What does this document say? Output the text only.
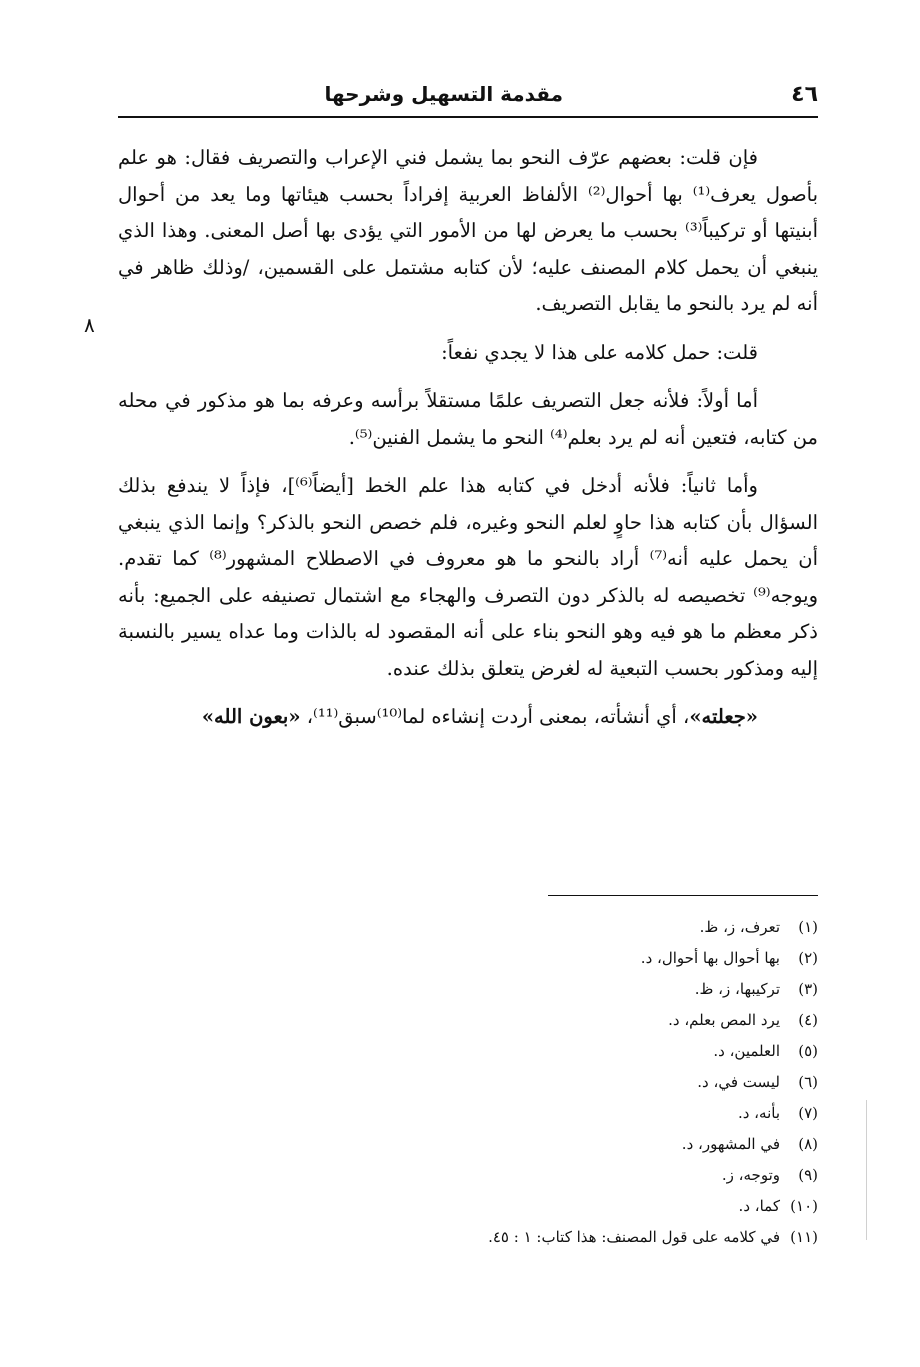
٤٦
مقدمة التسهيل وشرحها
٨

فإن قلت: بعضهم عرّف النحو بما يشمل فني الإعراب والتصريف فقال: هو علم بأصول يعرف⁽¹⁾ بها أحوال⁽²⁾ الألفاظ العربية إفراداً بحسب هيئاتها وما يعد من أحوال أبنيتها أو تركيباً⁽³⁾ بحسب ما يعرض لها من الأمور التي يؤدى بها أصل المعنى. وهذا الذي ينبغي أن يحمل كلام المصنف عليه؛ لأن كتابه مشتمل على القسمين، /وذلك ظاهر في أنه لم يرد بالنحو ما يقابل التصريف.

قلت: حمل كلامه على هذا لا يجدي نفعاً:

أما أولاً: فلأنه جعل التصريف علمًا مستقلاً برأسه وعرفه بما هو مذكور في محله من كتابه، فتعين أنه لم يرد بعلم⁽⁴⁾ النحو ما يشمل الفنين⁽⁵⁾.

وأما ثانياً: فلأنه أدخل في كتابه هذا علم الخط [أيضاً⁽⁶⁾]، فإذاً لا يندفع بذلك السؤال بأن كتابه هذا حاوٍ لعلم النحو وغيره، فلم خصص النحو بالذكر؟ وإنما الذي ينبغي أن يحمل عليه أنه⁽⁷⁾ أراد بالنحو ما هو معروف في الاصطلاح المشهور⁽⁸⁾ كما تقدم. ويوجه⁽⁹⁾ تخصيصه له بالذكر دون التصرف والهجاء مع اشتمال تصنيفه على الجميع: بأنه ذكر معظم ما هو فيه وهو النحو بناء على أنه المقصود له بالذات وما عداه يسير بالنسبة إليه ومذكور بحسب التبعية له لغرض يتعلق بذلك عنده.

«جعلته»، أي أنشأته، بمعنى أردت إنشاءه لما⁽¹⁰⁾سبق⁽¹¹⁾، «بعون الله»

(١)تعرف، ز، ظ.
(٢)بها أحوال بها أحوال، د.
(٣)تركيبها، ز، ظ.
(٤)يرد المص بعلم، د.
(٥)العلمين، د.
(٦)ليست في، د.
(٧)بأنه، د.
(٨)في المشهور، د.
(٩)وتوجه، ز.
(١٠)كما، د.
(١١)في كلامه على قول المصنف: هذا كتاب: ١ : ٤٥.
